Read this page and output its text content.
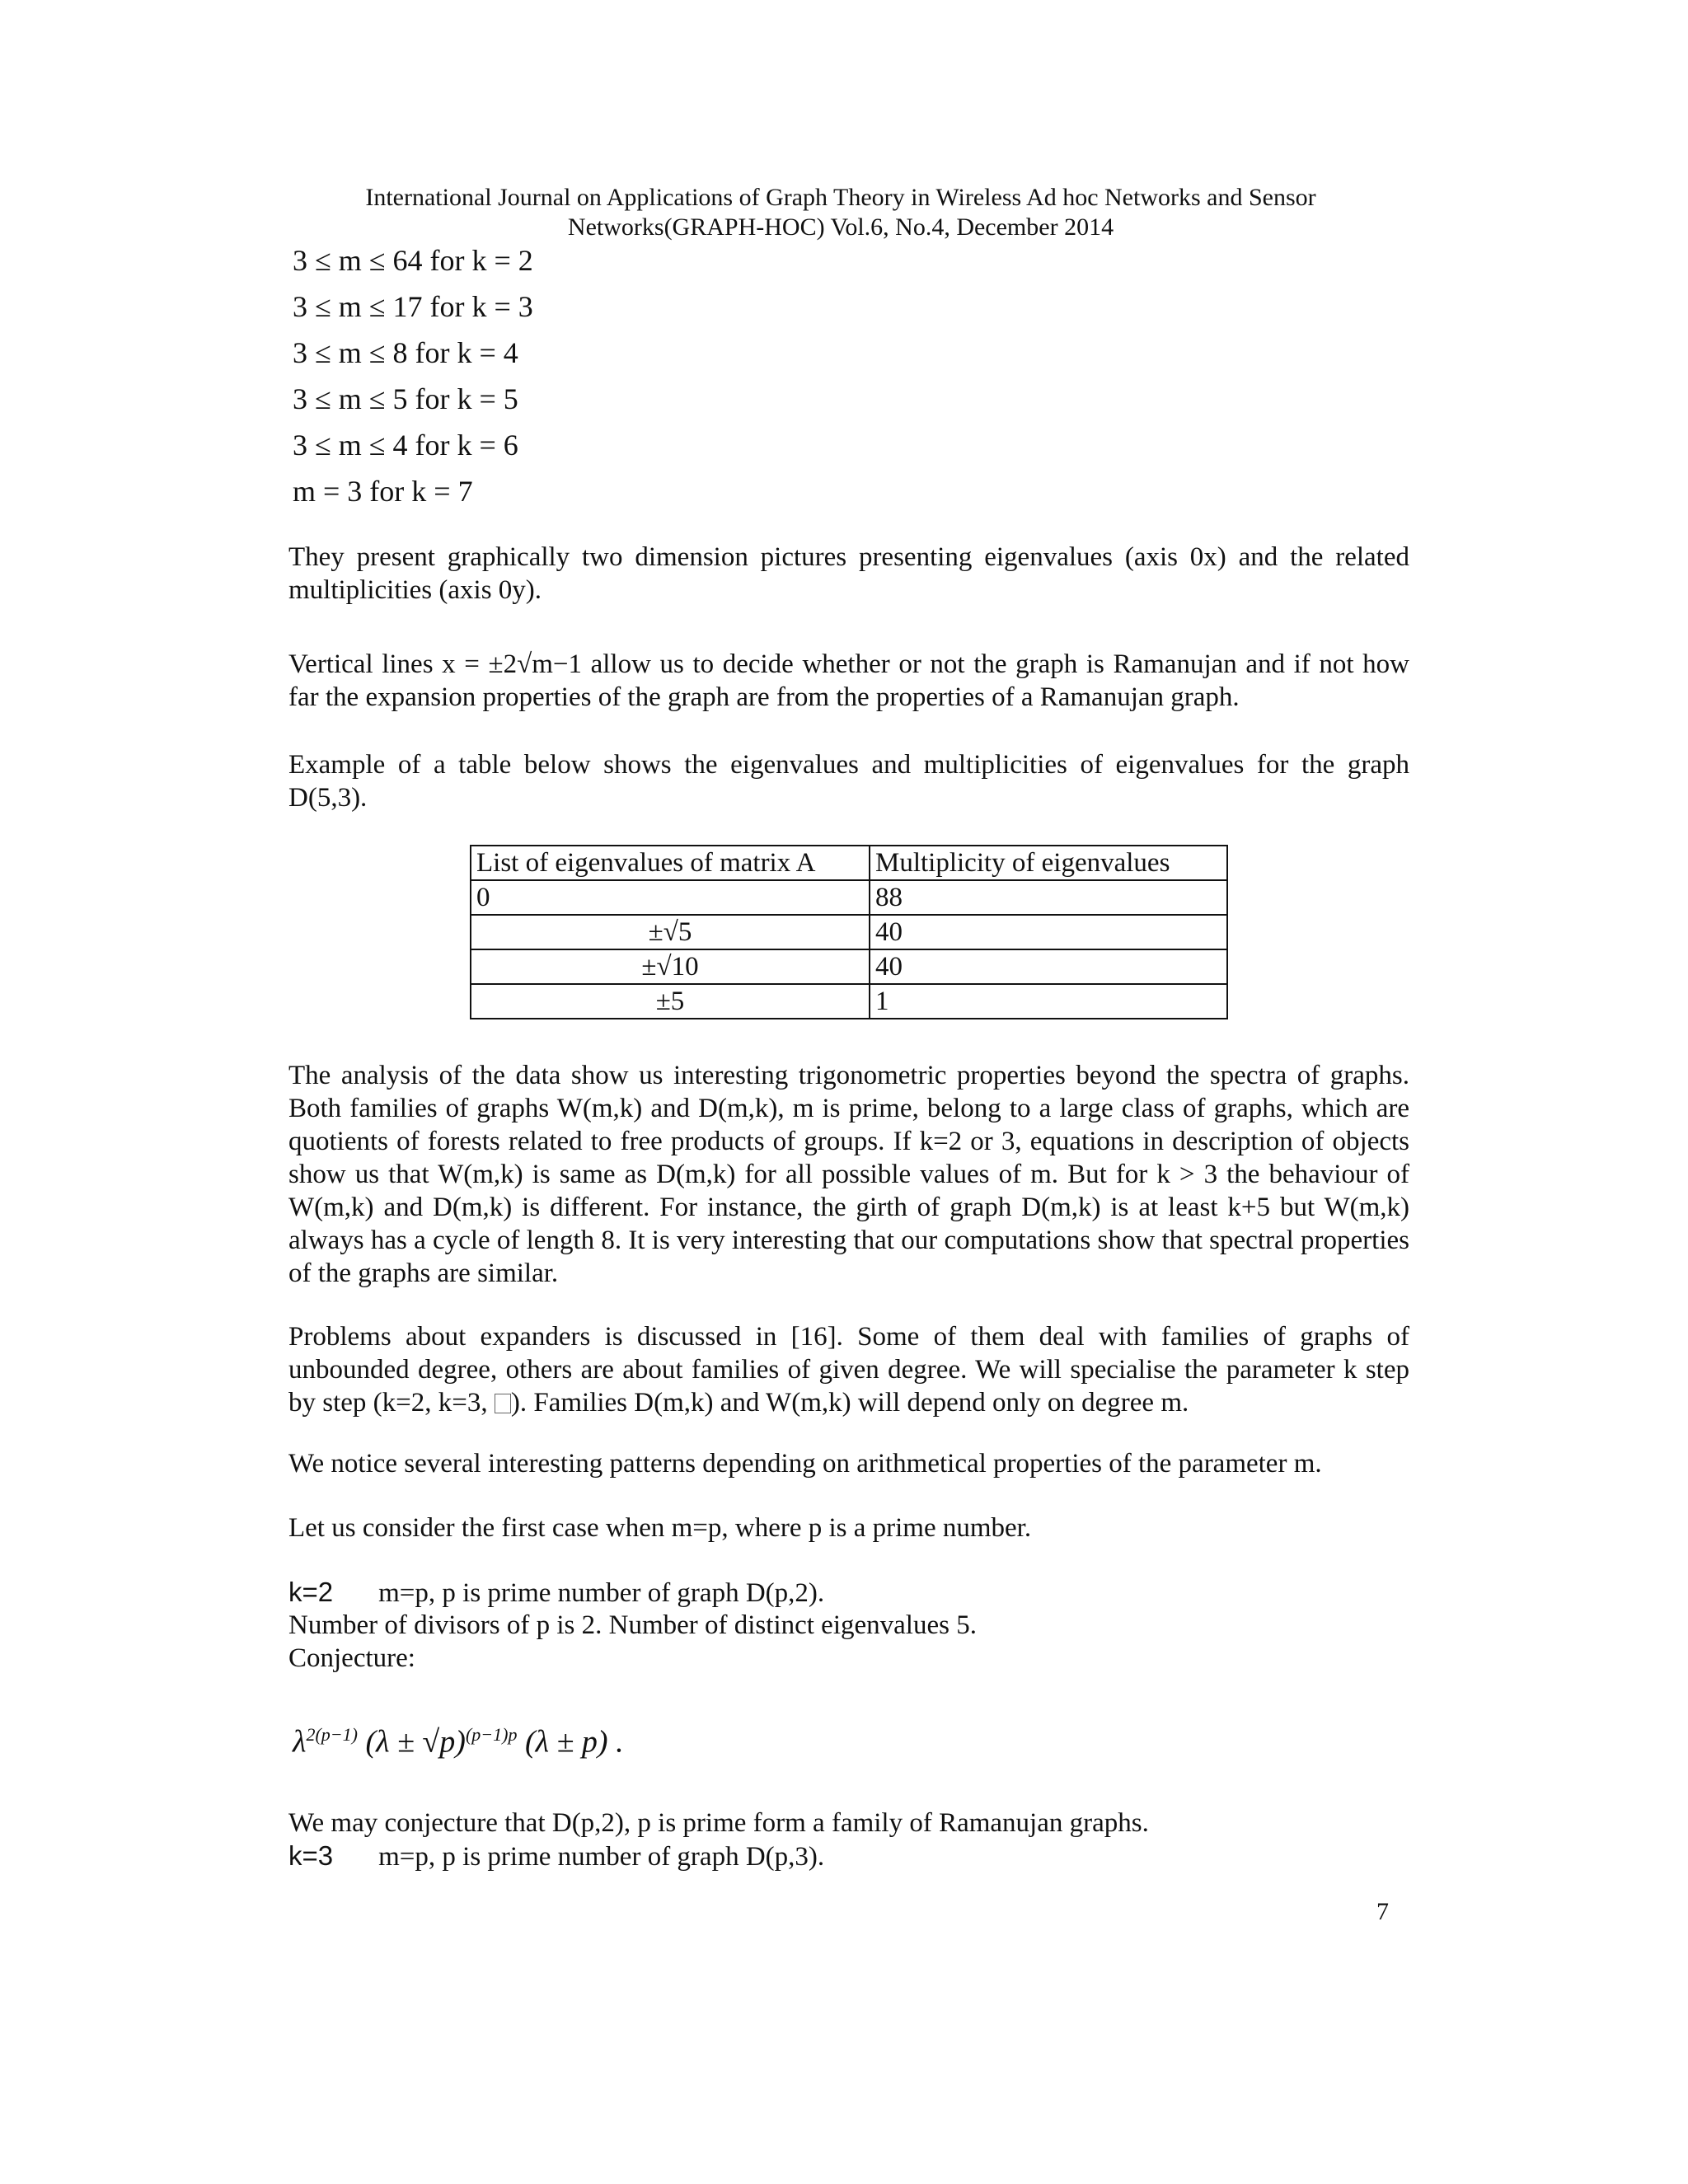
International Journal on Applications of Graph Theory in Wireless Ad hoc Networks and Sensor
Networks(GRAPH-HOC) Vol.6, No.4, December 2014
3 ≤ m ≤ 64 for k = 2
3 ≤ m ≤ 17 for k = 3
3 ≤ m ≤ 8 for k = 4
3 ≤ m ≤ 5 for k = 5
3 ≤ m ≤ 4 for k = 6
m = 3 for k = 7
They present graphically two dimension pictures presenting eigenvalues (axis 0x) and the related multiplicities (axis 0y).
Vertical lines x = ±2√m−1 allow us to decide whether or not the graph is Ramanujan and if not how far the expansion properties of the graph are from the properties of a Ramanujan graph.
Example of a table below shows the eigenvalues and multiplicities of eigenvalues for the graph D(5,3).
List of eigenvalues of matrix A	Multiplicity of eigenvalues
0	88
±√5	40
±√10	40
±5	1
The analysis of the data show us interesting trigonometric properties beyond the spectra of graphs. Both families of graphs W(m,k) and D(m,k), m is prime, belong to a large class of graphs, which are quotients of forests related to free products of groups. If k=2 or 3, equations in description of objects show us that W(m,k) is same as D(m,k) for all possible values of m. But for k > 3 the behaviour of W(m,k) and D(m,k) is different. For instance, the girth of graph D(m,k) is at least k+5 but W(m,k) always has a cycle of length 8. It is very interesting that our computations show that spectral properties of the graphs are similar.
Problems about expanders is discussed in [16]. Some of them deal with families of graphs of unbounded degree, others are about families of given degree. We will specialise the parameter k step by step (k=2, k=3, ). Families D(m,k) and W(m,k) will depend only on degree m.
We notice several interesting patterns depending on arithmetical properties of the parameter m.
Let us consider the first case when m=p, where p is a prime number.
k=2 m=p, p is prime number of graph D(p,2).
Number of divisors of p is 2. Number of distinct eigenvalues 5.
Conjecture:
$\lambda^{2(p-1)}$ $(\lambda \pm √p)^{(p-1)p}$ (λ ± p) .
We may conjecture that D(p,2), p is prime form a family of Ramanujan graphs.
k=3 m=p, p is prime number of graph D(p,3).
7
